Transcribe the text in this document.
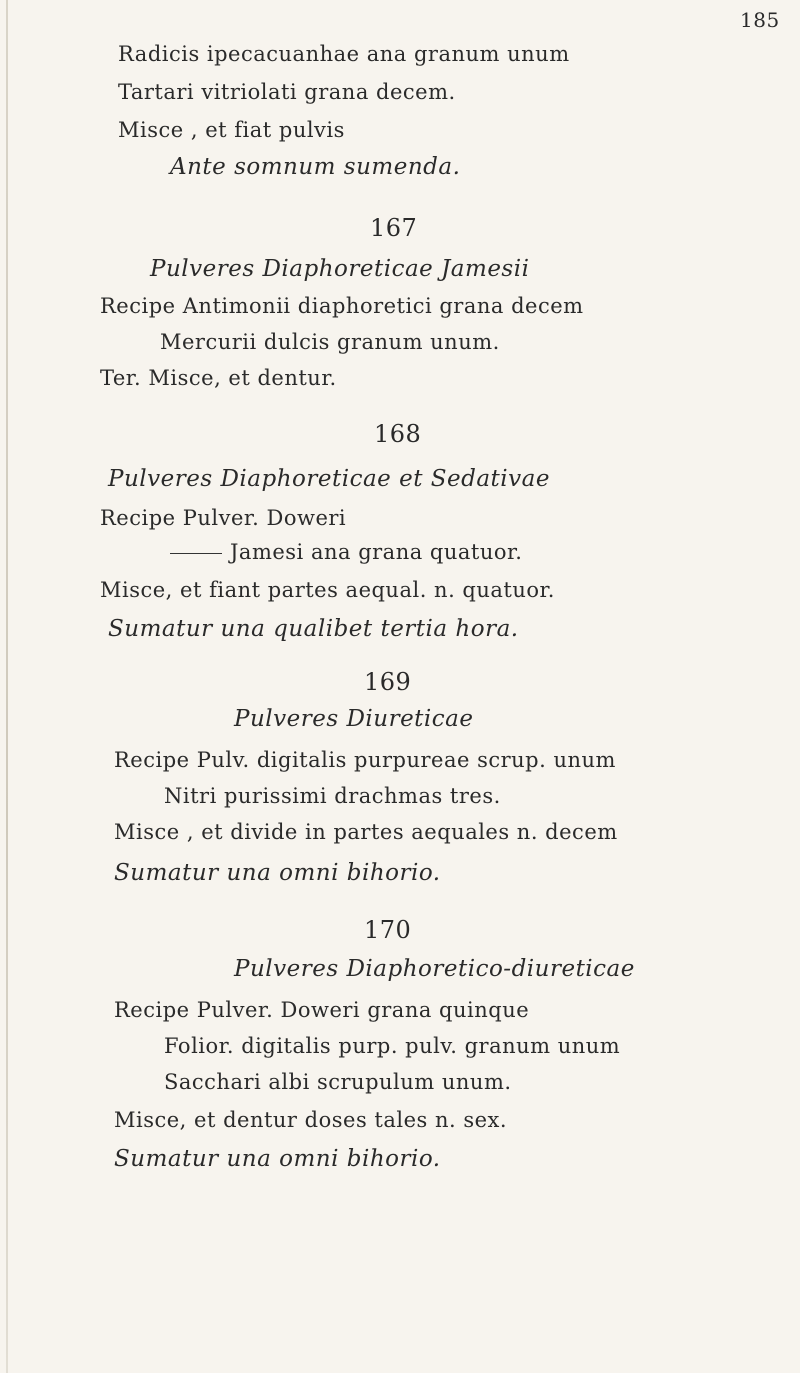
185
Radicis ipecacuanhae ana granum unum
Tartari vitriolati grana decem.
Misce , et fiat pulvis
Ante somnum sumenda.
167
Pulveres Diaphoreticae Jamesii
Recipe Antimonii diaphoretici grana decem
Mercurii dulcis granum unum.
Ter. Misce, et dentur.
168
Pulveres Diaphoreticae et Sedativae
Recipe Pulver. Doweri
Jamesi ana grana quatuor.
Misce, et fiant partes aequal. n. quatuor.
Sumatur una qualibet tertia hora.
169
Pulveres Diureticae
Recipe Pulv. digitalis purpureae scrup. unum
Nitri purissimi drachmas tres.
Misce , et divide in partes aequales n. decem
Sumatur una omni bihorio.
170
Pulveres Diaphoretico-diureticae
Recipe Pulver. Doweri grana quinque
Folior. digitalis purp. pulv. granum unum
Sacchari albi scrupulum unum.
Misce, et dentur doses tales n. sex.
Sumatur una omni bihorio.
